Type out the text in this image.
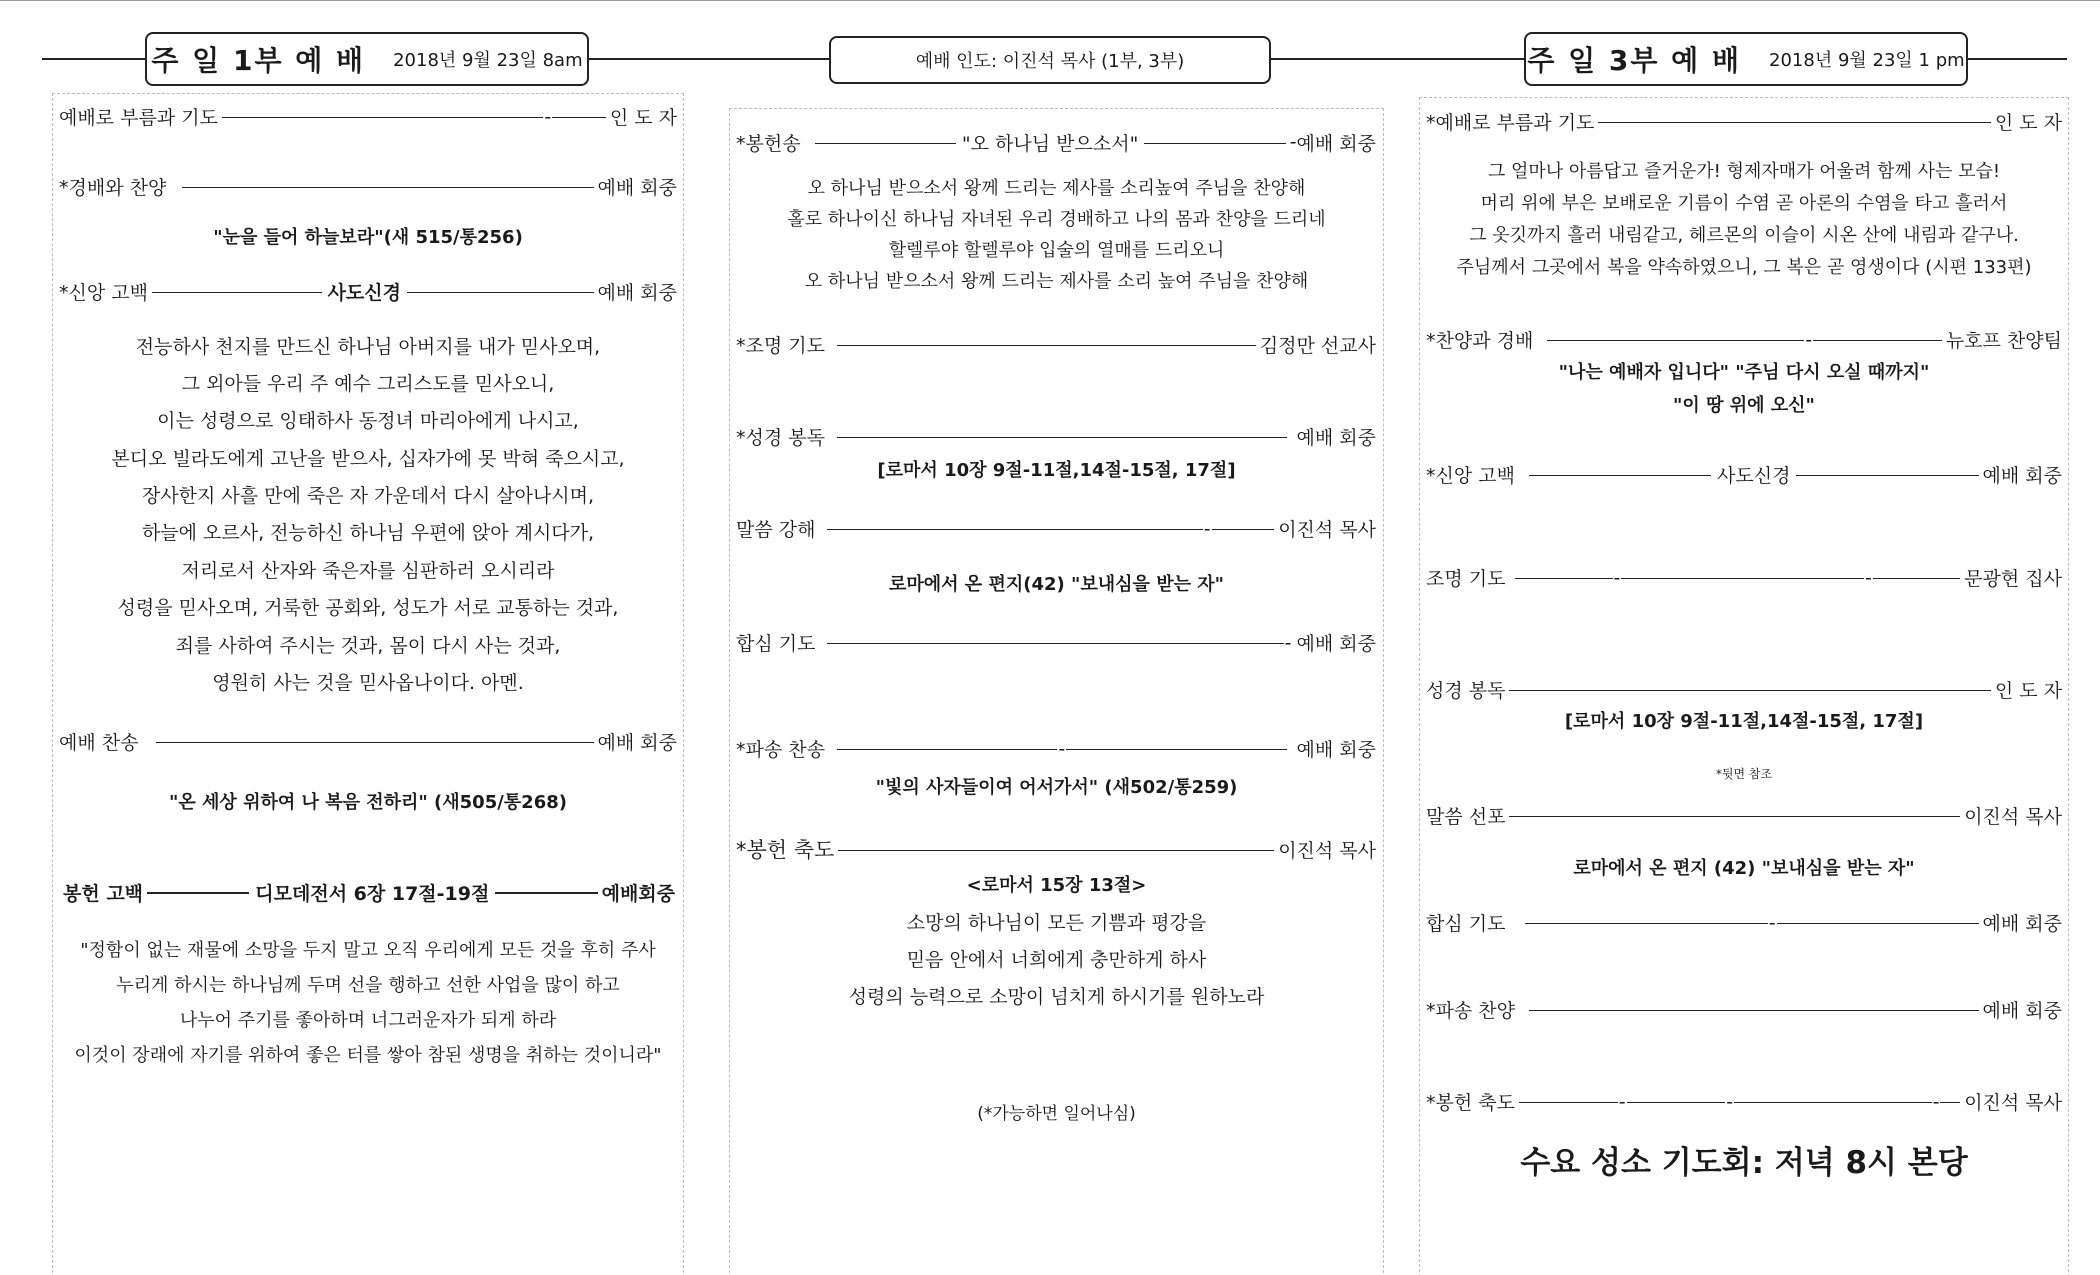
주 일 1부 예 배 2018년 9월 23일 8am	예배 인도: 이진석 목사 (1부, 3부)	주 일 3부 예 배 2018년 9월 23일 1 pm
예배로 부름과 기도	-	인 도 자
*경배와 찬양	예배 회중
"눈을 들어 하늘보라"(새 515/통256)
*신앙 고백	사도신경	예배 회중
전능하사 천지를 만드신 하나님 아버지를 내가 믿사오며,
그 외아들 우리 주 예수 그리스도를 믿사오니,
이는 성령으로 잉태하사 동정녀 마리아에게 나시고,
본디오 빌라도에게 고난을 받으사, 십자가에 못 박혀 죽으시고,
장사한지 사흘 만에 죽은 자 가운데서 다시 살아나시며,
하늘에 오르사, 전능하신 하나님 우편에 앉아 계시다가,
저리로서 산자와 죽은자를 심판하러 오시리라
성령을 믿사오며, 거룩한 공회와, 성도가 서로 교통하는 것과,
죄를 사하여 주시는 것과, 몸이 다시 사는 것과,
영원히 사는 것을 믿사옵나이다. 아멘.
예배 찬송	예배 회중
"온 세상 위하여 나 복음 전하리" (새505/통268)
봉헌 고백	디모데전서 6장 17절-19절	예배회중
"정함이 없는 재물에 소망을 두지 말고 오직 우리에게 모든 것을 후히 주사
누리게 하시는 하나님께 두며 선을 행하고 선한 사업을 많이 하고
나누어 주기를 좋아하며 너그러운자가 되게 하라
이것이 장래에 자기를 위하여 좋은 터를 쌓아 참된 생명을 취하는 것이니라"
*봉헌송	"오 하나님 받으소서"	- 예배 회중
오 하나님 받으소서 왕께 드리는 제사를 소리높여 주님을 찬양해
홀로 하나이신 하나님 자녀된 우리 경배하고 나의 몸과 찬양을 드리네
할렐루야 할렐루야 입술의 열매를 드리오니
오 하나님 받으소서 왕께 드리는 제사를 소리 높여 주님을 찬양해
*조명 기도	김정만 선교사
*성경 봉독	예배 회중
[로마서 10장 9절-11절,14절-15절, 17절]
말씀 강해	-	이진석 목사
로마에서 온 편지(42) "보내심을 받는 자"
합심 기도	- 예배 회중
*파송 찬송	-	예배 회중
"빛의 사자들이여 어서가서" (새502/통259)
*봉헌 축도	이진석 목사
<로마서 15장 13절>
소망의 하나님이 모든 기쁨과 평강을
믿음 안에서 너희에게 충만하게 하사
성령의 능력으로 소망이 넘치게 하시기를 원하노라
(*가능하면 일어나심)
*예배로 부름과 기도	인 도 자
그 얼마나 아름답고 즐거운가! 형제자매가 어울려 함께 사는 모습!
머리 위에 부은 보배로운 기름이 수염 곧 아론의 수염을 타고 흘러서
그 옷깃까지 흘러 내림같고, 헤르몬의 이슬이 시온 산에 내림과 같구나.
주님께서 그곳에서 복을 약속하였으니, 그 복은 곧 영생이다 (시편 133편)
*찬양과 경배	-	뉴호프 찬양팀
"나는 예배자 입니다" "주님 다시 오실 때까지"
"이 땅 위에 오신"
*신앙 고백	사도신경	예배 회중
조명 기도	-	-	문광현 집사
성경 봉독	인 도 자
[로마서 10장 9절-11절,14절-15절, 17절]
*뒷면 참조
말씀 선포	이진석 목사
로마에서 온 편지 (42) "보내심을 받는 자"
합심 기도	-	예배 회중
*파송 찬양	예배 회중
*봉헌 축도	-	-	- 이진석 목사
수요 성소 기도회: 저녁 8시 본당
